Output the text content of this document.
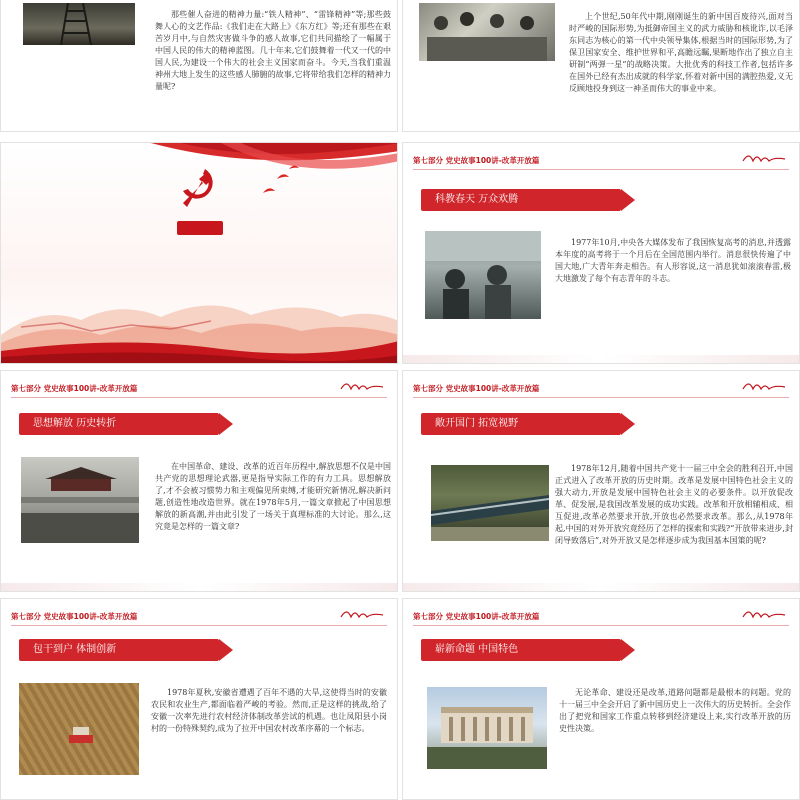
那些催人奋进的精神力量:“铁人精神”、“雷锋精神”等;那些鼓舞人心的文艺作品:《我们走在大路上》《东方红》等;还有那些在艰苦岁月中,与自然灾害做斗争的感人故事,它们共同描绘了一幅属于中国人民的伟大的精神蓝图。几十年来,它们鼓舞着一代又一代的中国人民,为建设一个伟大的社会主义国家而奋斗。今天,当我们重温神州大地上发生的这些感人肺腑的故事,它将带给我们怎样的精神力量呢?
上个世纪,50年代中期,刚刚诞生的新中国百废待兴,面对当时严峻的国际形势,为抵御帝国主义的武力威胁和核讹诈,以毛泽东同志为核心的第一代中央领导集体,根据当时的国际形势,为了保卫国家安全、维护世界和平,高瞻远瞩,果断地作出了独立自主研制“两弹一星”的战略决策。大批优秀的科技工作者,包括许多在国外已经有杰出成就的科学家,怀着对新中国的满腔热爱,义无反顾地投身到这一神圣而伟大的事业中来。
第七部分 党史故事100讲-改革开放篇
科教春天 万众欢腾
1977年10月,中央各大媒体发布了我国恢复高考的消息,并透露本年度的高考将于一个月后在全国范围内举行。消息很快传遍了中国大地,广大青年奔走相告。有人形容说,这一消息犹如滚滚春雷,极大地激发了每个有志青年的斗志。
第七部分 党史故事100讲-改革开放篇
思想解放 历史转折
在中国革命、建设、改革的近百年历程中,解放思想不仅是中国共产党的思想理论武器,更是指导实际工作的有力工具。思想解放了,才不会被习惯势力和主观偏见所束缚,才能研究新情况,解决新问题,创造性地改造世界。就在1978年5月,一篇文章掀起了中国思想解放的新高潮,并由此引发了一场关于真理标准的大讨论。那么,这究竟是怎样的一篇文章?
第七部分 党史故事100讲-改革开放篇
敞开国门 拓宽视野
1978年12月,随着中国共产党十一届三中全会的胜利召开,中国正式进入了改革开放的历史时期。改革是发展中国特色社会主义的强大动力,开放是发展中国特色社会主义的必要条件。以开放促改革、促发展,是我国改革发展的成功实践。改革和开放相辅相成、相互促进,改革必然要求开放,开放也必然要求改革。那么,从1978年起,中国的对外开放究竟经历了怎样的探索和实践?“开放带来进步,封闭导致落后”,对外开放又是怎样逐步成为我国基本国策的呢?
第七部分 党史故事100讲-改革开放篇
包干到户 体制创新
1978年夏秋,安徽省遭遇了百年不遇的大旱,这使得当时的安徽农民和农业生产,都面临着严峻的考验。然而,正是这样的挑战,给了安徽一次率先进行农村经济体制改革尝试的机遇。也让凤阳县小岗村的一份特殊契约,成为了拉开中国农村改革序幕的一个标志。
第七部分 党史故事100讲-改革开放篇
崭新命题 中国特色
无论革命、建设还是改革,道路问题都是最根本的问题。党的十一届三中全会开启了新中国历史上一次伟大的历史转折。全会作出了把党和国家工作重点转移到经济建设上来,实行改革开放的历史性决策。
